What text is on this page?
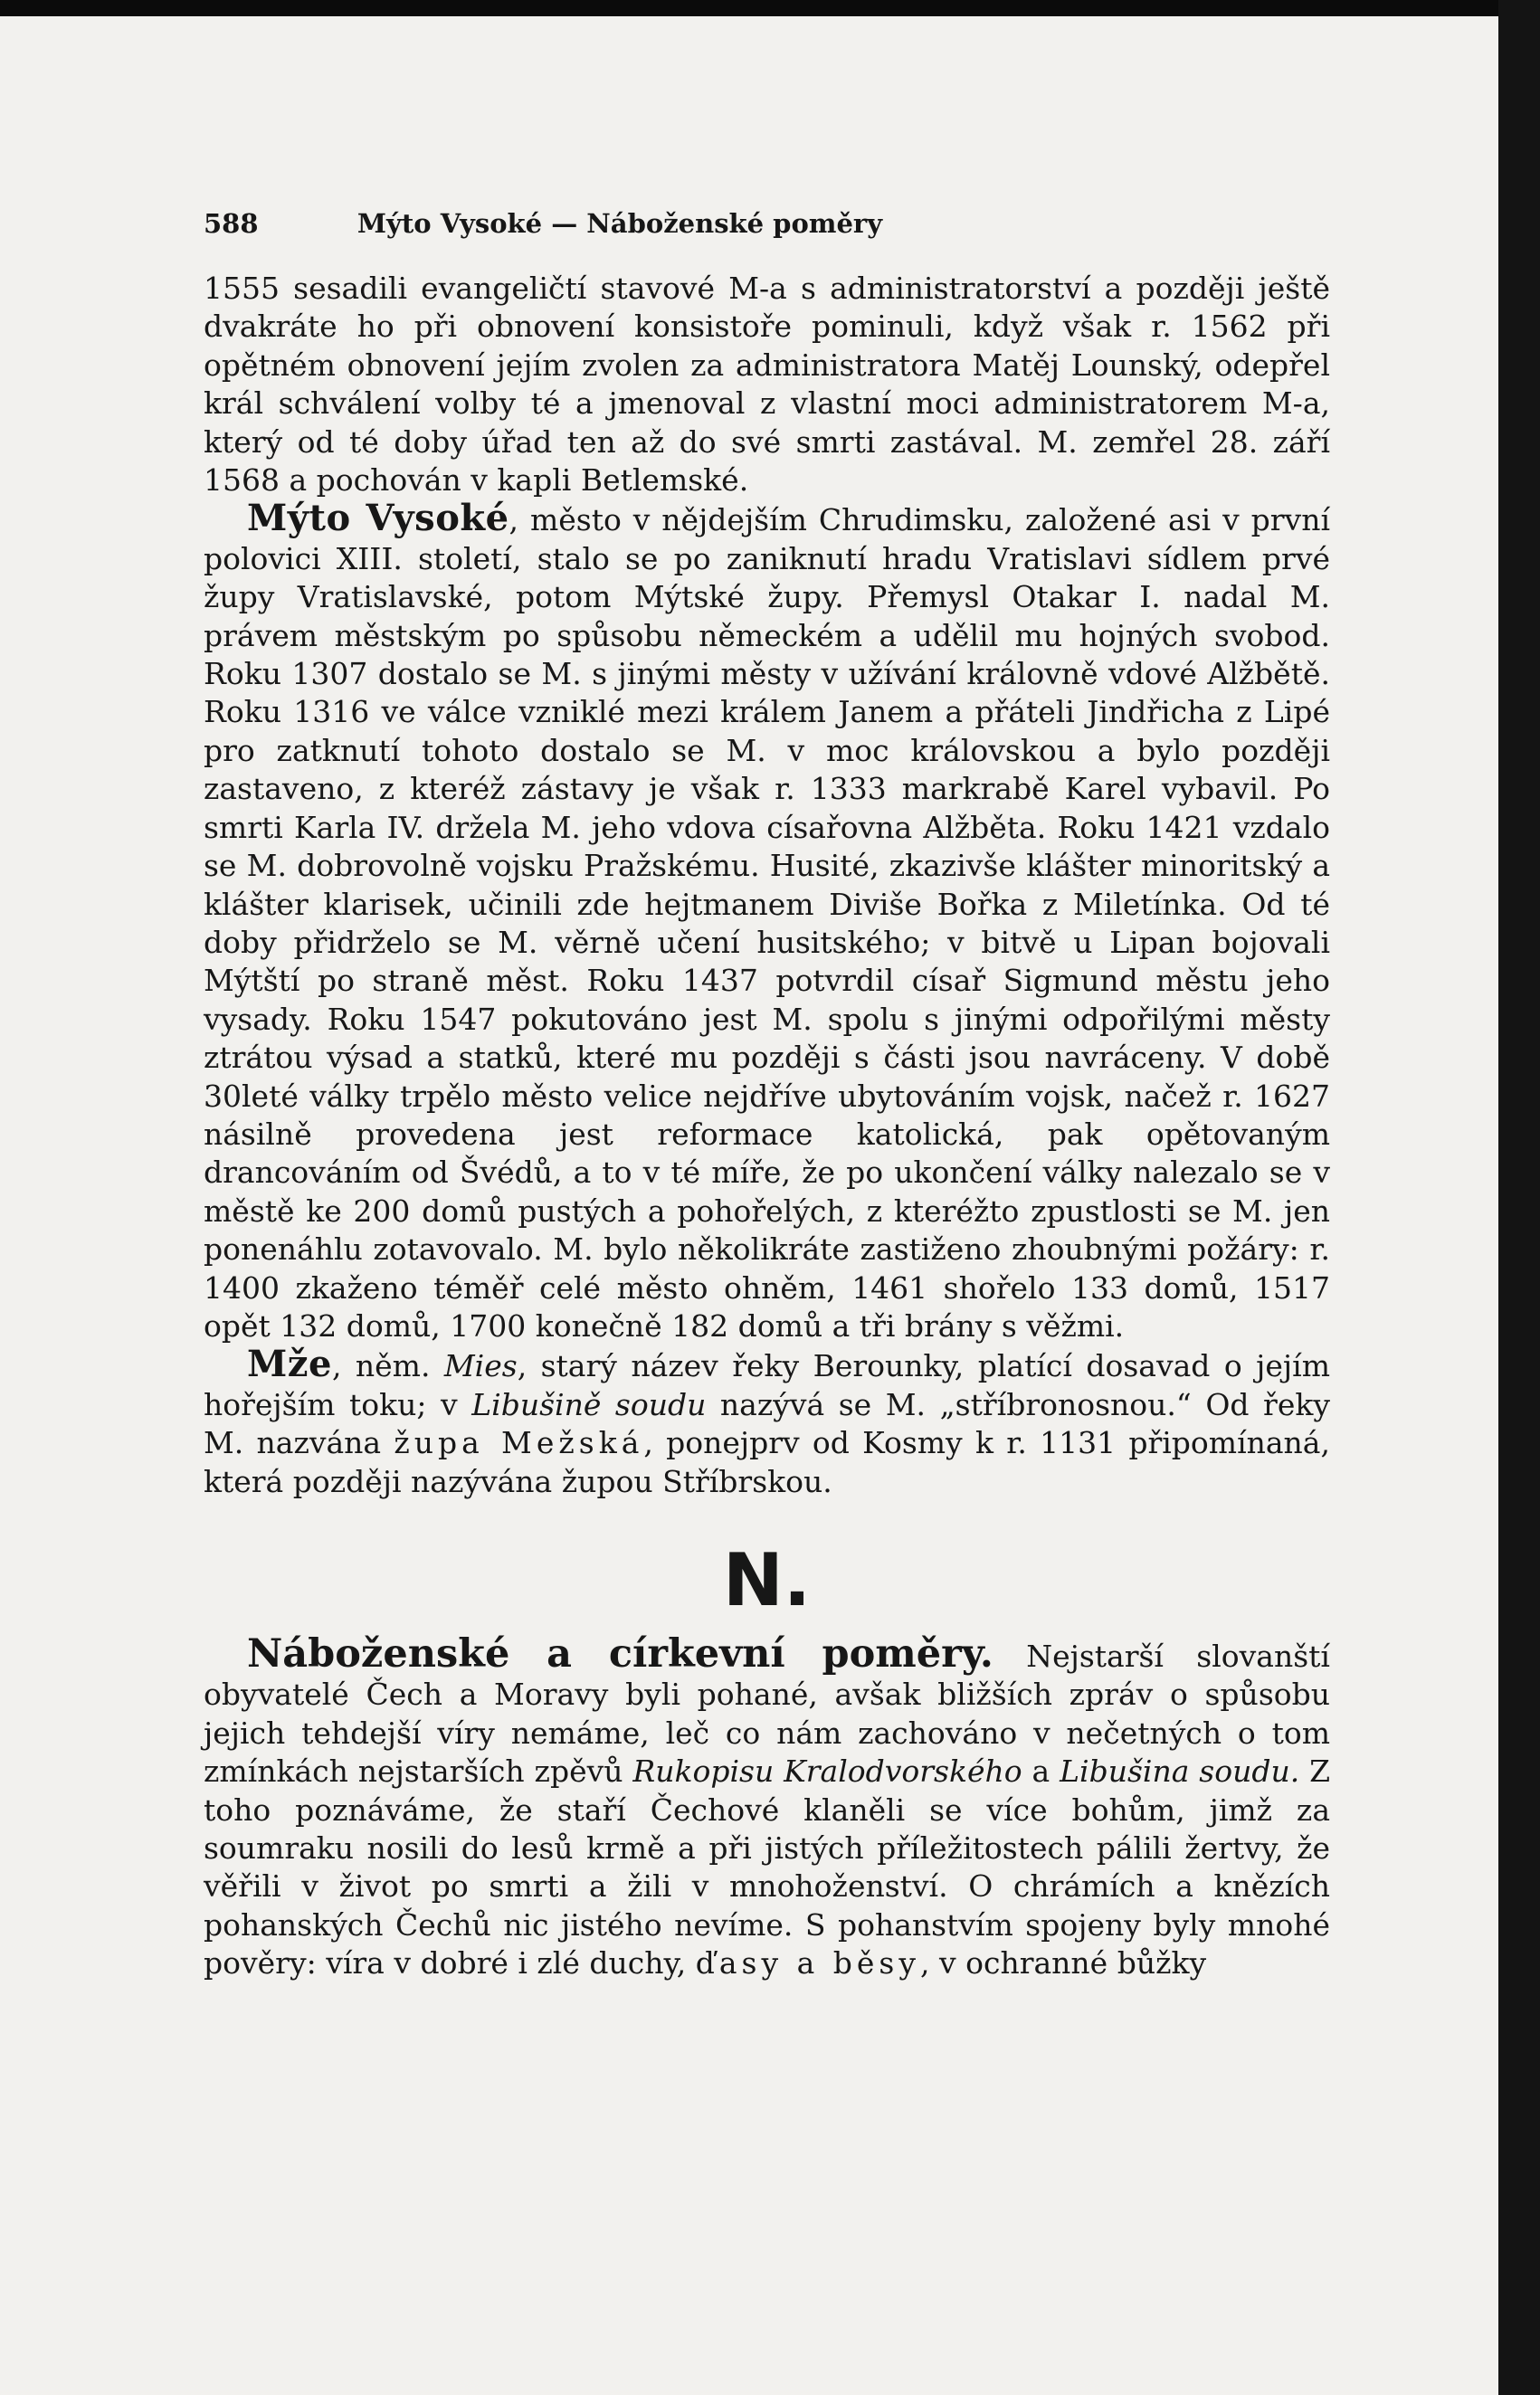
588	Mýto Vysoké — Náboženské poměry

1555 sesadili evangeličtí stavové M-a s administratorství a později ještě dvakráte ho při obnovení konsistoře pominuli, když však r. 1562 při opětném obnovení jejím zvolen za administratora Matěj Lounský, odepřel král schválení volby té a jmenoval z vlastní moci administratorem M-a, který od té doby úřad ten až do své smrti zastával. M. zemřel 28. září 1568 a pochován v kapli Betlemské.

Mýto Vysoké, město v nějdejším Chrudimsku, založené asi v první polovici XIII. století, stalo se po zaniknutí hradu Vratislavi sídlem prvé župy Vratislavské, potom Mýtské župy. Přemysl Otakar I. nadal M. právem městským po spůsobu německém a udělil mu hojných svobod. Roku 1307 dostalo se M. s jinými městy v užívání královně vdové Alžbětě. Roku 1316 ve válce vzniklé mezi králem Janem a přáteli Jindřicha z Lipé pro zatknutí tohoto dostalo se M. v moc královskou a bylo později zastaveno, z kteréž zástavy je však r. 1333 markrabě Karel vybavil. Po smrti Karla IV. držela M. jeho vdova císařovna Alžběta. Roku 1421 vzdalo se M. dobrovolně vojsku Pražskému. Husité, zkazivše klášter minoritský a klášter klarisek, učinili zde hejtmanem Diviše Bořka z Miletínka. Od té doby přidrželo se M. věrně učení husitského; v bitvě u Lipan bojovali Mýtští po straně měst. Roku 1437 potvrdil císař Sigmund městu jeho vysady. Roku 1547 pokutováno jest M. spolu s jinými odpořilými městy ztrátou výsad a statků, které mu později s části jsou navráceny. V době 30leté války trpělo město velice nejdříve ubytováním vojsk, načež r. 1627 násilně provedena jest reformace katolická, pak opětovaným drancováním od Švédů, a to v té míře, že po ukončení války nalezalo se v městě ke 200 domů pustých a pohořelých, z kteréžto zpustlosti se M. jen ponenáhlu zotavovalo. M. bylo několikráte zastiženo zhoubnými požáry: r. 1400 zkaženo téměř celé město ohněm, 1461 shořelo 133 domů, 1517 opět 132 domů, 1700 konečně 182 domů a tři brány s věžmi.

Mže, něm. Mies, starý název řeky Berounky, platící dosavad o jejím hořejším toku; v Libušině soudu nazývá se M. „stříbronosnou.“ Od řeky M. nazvána župa Mežská, ponejprv od Kosmy k r. 1131 připomínaná, která později nazývána župou Stříbrskou.

N.

Náboženské a církevní poměry. Nejstarší slovanští obyvatelé Čech a Moravy byli pohané, avšak bližších zpráv o spůsobu jejich tehdejší víry nemáme, leč co nám zachováno v nečetných o tom zmínkách nejstarších zpěvů Rukopisu Kralodvorského a Libušina soudu. Z toho poznáváme, že staří Čechové klaněli se více bohům, jimž za soumraku nosili do lesů krmě a při jistých příležitostech pálili žertvy, že věřili v život po smrti a žili v mnohoženství. O chrámích a knězích pohanských Čechů nic jistého nevíme. S pohanstvím spojeny byly mnohé pověry: víra v dobré i zlé duchy, ďasy a běsy, v ochranné bůžky
